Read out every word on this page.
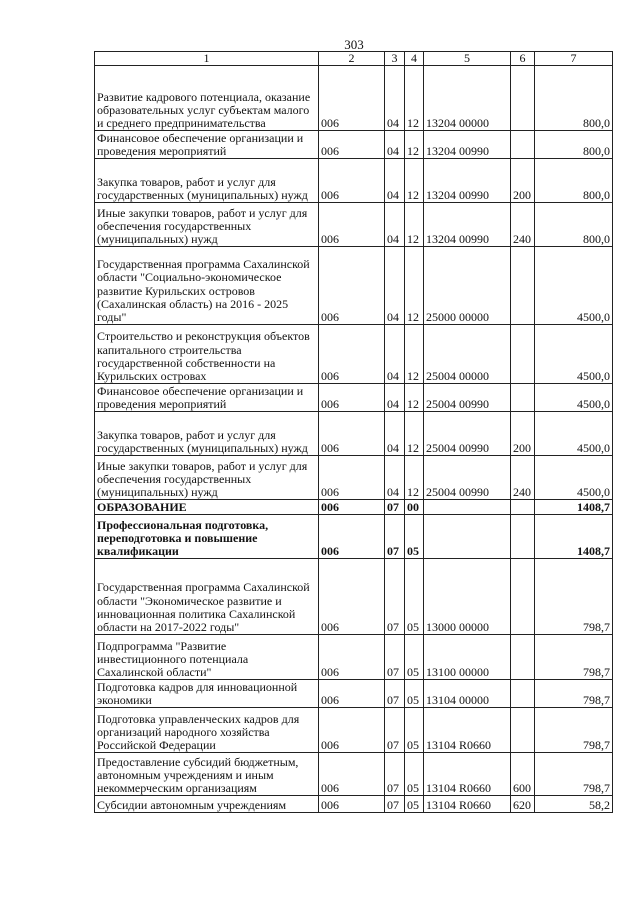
303
1	2	3	4	5	6	7
Развитие кадрового потенциала, оказание образовательных услуг субъектам малого и среднего предпринимательства	006	04	12	13204 00000		800,0
Финансовое обеспечение организации и проведения мероприятий	006	04	12	13204 00990		800,0
Закупка товаров, работ и услуг для государственных (муниципальных) нужд	006	04	12	13204 00990	200	800,0
Иные закупки товаров, работ и услуг для обеспечения государственных (муниципальных) нужд	006	04	12	13204 00990	240	800,0
Государственная программа Сахалинской области "Социально-экономическое развитие Курильских островов (Сахалинская область) на 2016 - 2025 годы"	006	04	12	25000 00000		4500,0
Строительство и реконструкция объектов капитального строительства государственной собственности на Курильских островах	006	04	12	25004 00000		4500,0
Финансовое обеспечение организации и проведения мероприятий	006	04	12	25004 00990		4500,0
Закупка товаров, работ и услуг для государственных (муниципальных) нужд	006	04	12	25004 00990	200	4500,0
Иные закупки товаров, работ и услуг для обеспечения государственных (муниципальных) нужд	006	04	12	25004 00990	240	4500,0
ОБРАЗОВАНИЕ	006	07	00			1408,7
Профессиональная подготовка, переподготовка и повышение квалификации	006	07	05			1408,7
Государственная программа Сахалинской области "Экономическое развитие и инновационная политика Сахалинской области на 2017-2022 годы"	006	07	05	13000 00000		798,7
Подпрограмма "Развитие инвестиционного потенциала Сахалинской области"	006	07	05	13100 00000		798,7
Подготовка кадров для инновационной экономики	006	07	05	13104 00000		798,7
Подготовка управленческих кадров для организаций народного хозяйства Российской Федерации	006	07	05	13104 R0660		798,7
Предоставление субсидий бюджетным, автономным учреждениям и иным некоммерческим организациям	006	07	05	13104 R0660	600	798,7
Субсидии автономным учреждениям	006	07	05	13104 R0660	620	58,2
